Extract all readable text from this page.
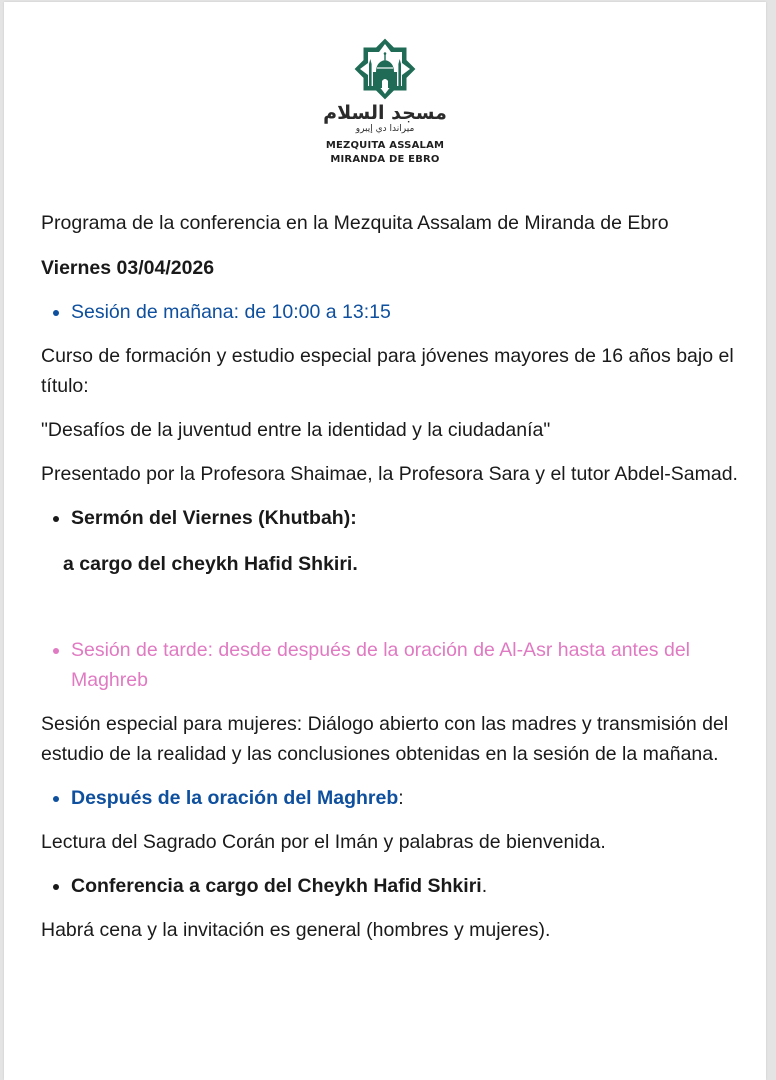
مسجد السلام
ميراندا دي إيبرو
MEZQUITA ASSALAM
MIRANDA DE EBRO

Programa de la conferencia en la Mezquita Assalam de Miranda de Ebro

Viernes 03/04/2026

Sesión de mañana: de 10:00 a 13:15

Curso de formación y estudio especial para jóvenes mayores de 16 años bajo el título:

"Desafíos de la juventud entre la identidad y la ciudadanía"

Presentado por la Profesora Shaimae, la Profesora Sara y el tutor Abdel-Samad.

Sermón del Viernes (Khutbah):

a cargo del cheykh Hafid Shkiri.

Sesión de tarde: desde después de la oración de Al-Asr hasta antes del Maghreb

Sesión especial para mujeres: Diálogo abierto con las madres y transmisión del estudio de la realidad y las conclusiones obtenidas en la sesión de la mañana.

Después de la oración del Maghreb:

Lectura del Sagrado Corán por el Imán y palabras de bienvenida.

Conferencia a cargo del Cheykh Hafid Shkiri.

Habrá cena y la invitación es general (hombres y mujeres).
